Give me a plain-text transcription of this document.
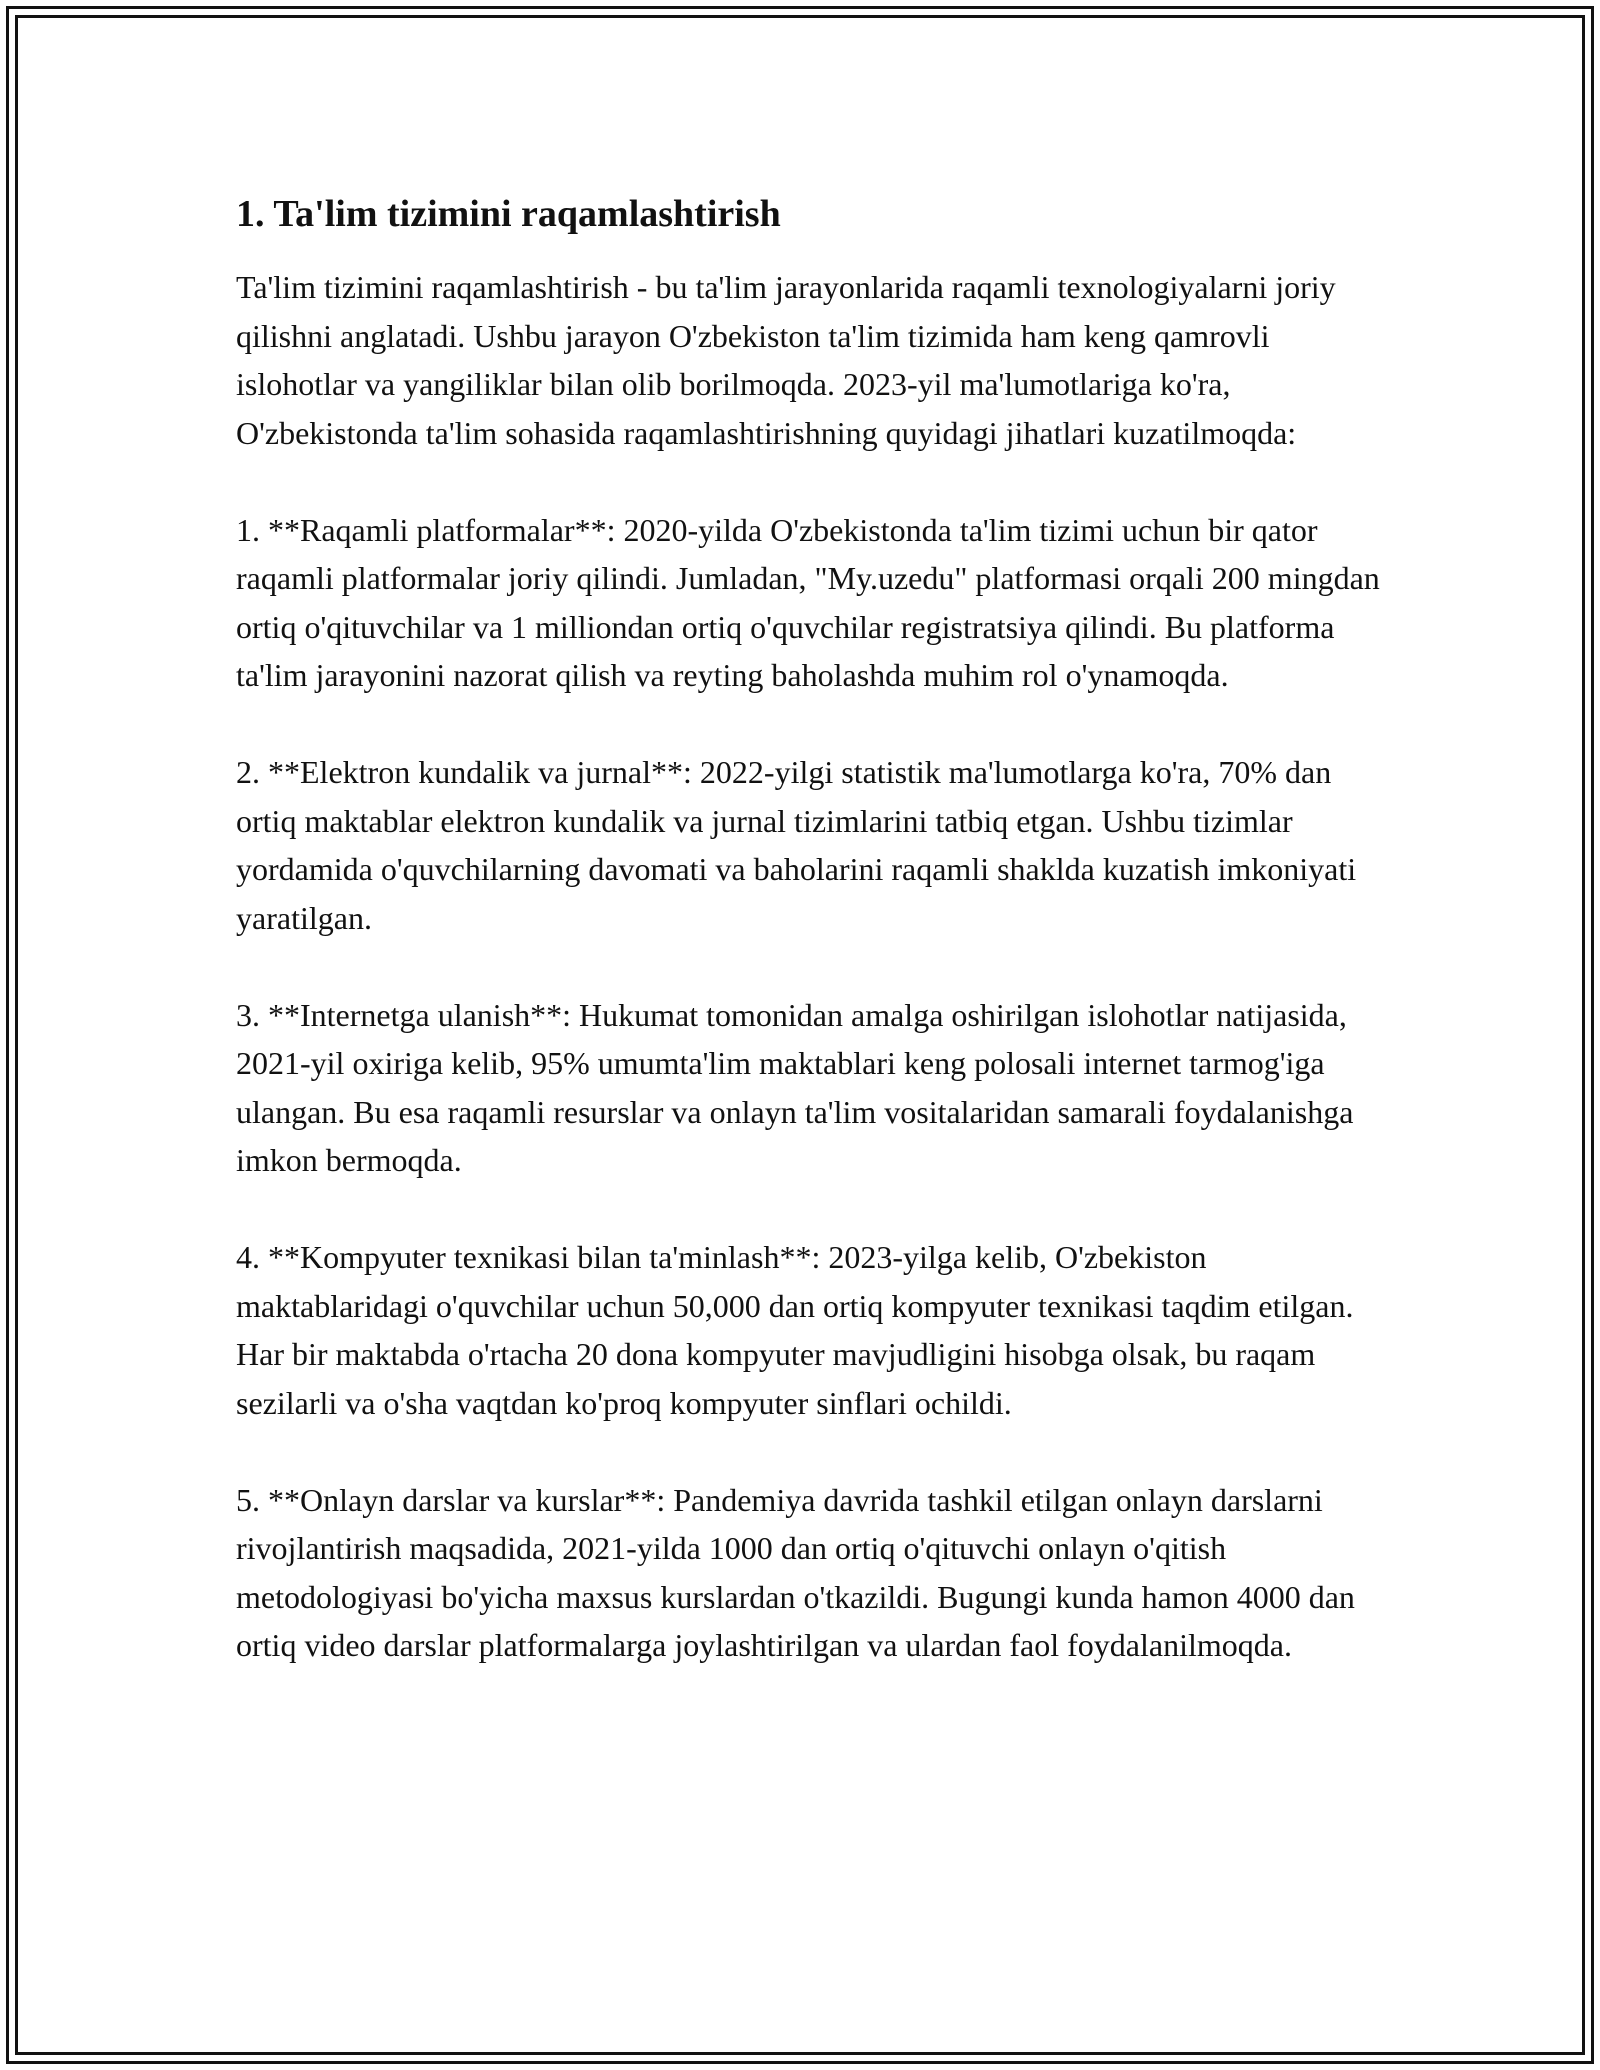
1. Ta'lim tizimini raqamlashtirish

Ta'lim tizimini raqamlashtirish - bu ta'lim jarayonlarida raqamli texnologiyalarni joriy qilishni anglatadi. Ushbu jarayon O'zbekiston ta'lim tizimida ham keng qamrovli islohotlar va yangiliklar bilan olib borilmoqda. 2023-yil ma'lumotlariga ko'ra, O'zbekistonda ta'lim sohasida raqamlashtirishning quyidagi jihatlari kuzatilmoqda:

1. **Raqamli platformalar**: 2020-yilda O'zbekistonda ta'lim tizimi uchun bir qator raqamli platformalar joriy qilindi. Jumladan, "My.uzedu" platformasi orqali 200 mingdan ortiq o'qituvchilar va 1 milliondan ortiq o'quvchilar registratsiya qilindi. Bu platforma ta'lim jarayonini nazorat qilish va reyting baholashda muhim rol o'ynamoqda.

2. **Elektron kundalik va jurnal**: 2022-yilgi statistik ma'lumotlarga ko'ra, 70% dan ortiq maktablar elektron kundalik va jurnal tizimlarini tatbiq etgan. Ushbu tizimlar yordamida o'quvchilarning davomati va baholarini raqamli shaklda kuzatish imkoniyati yaratilgan.

3. **Internetga ulanish**: Hukumat tomonidan amalga oshirilgan islohotlar natijasida, 2021-yil oxiriga kelib, 95% umumta'lim maktablari keng polosali internet tarmog'iga ulangan. Bu esa raqamli resurslar va onlayn ta'lim vositalaridan samarali foydalanishga imkon bermoqda.

4. **Kompyuter texnikasi bilan ta'minlash**: 2023-yilga kelib, O'zbekiston maktablaridagi o'quvchilar uchun 50,000 dan ortiq kompyuter texnikasi taqdim etilgan. Har bir maktabda o'rtacha 20 dona kompyuter mavjudligini hisobga olsak, bu raqam sezilarli va o'sha vaqtdan ko'proq kompyuter sinflari ochildi.

5. **Onlayn darslar va kurslar**: Pandemiya davrida tashkil etilgan onlayn darslarni rivojlantirish maqsadida, 2021-yilda 1000 dan ortiq o'qituvchi onlayn o'qitish metodologiyasi bo'yicha maxsus kurslardan o'tkazildi. Bugungi kunda hamon 4000 dan ortiq video darslar platformalarga joylashtirilgan va ulardan faol foydalanilmoqda.
